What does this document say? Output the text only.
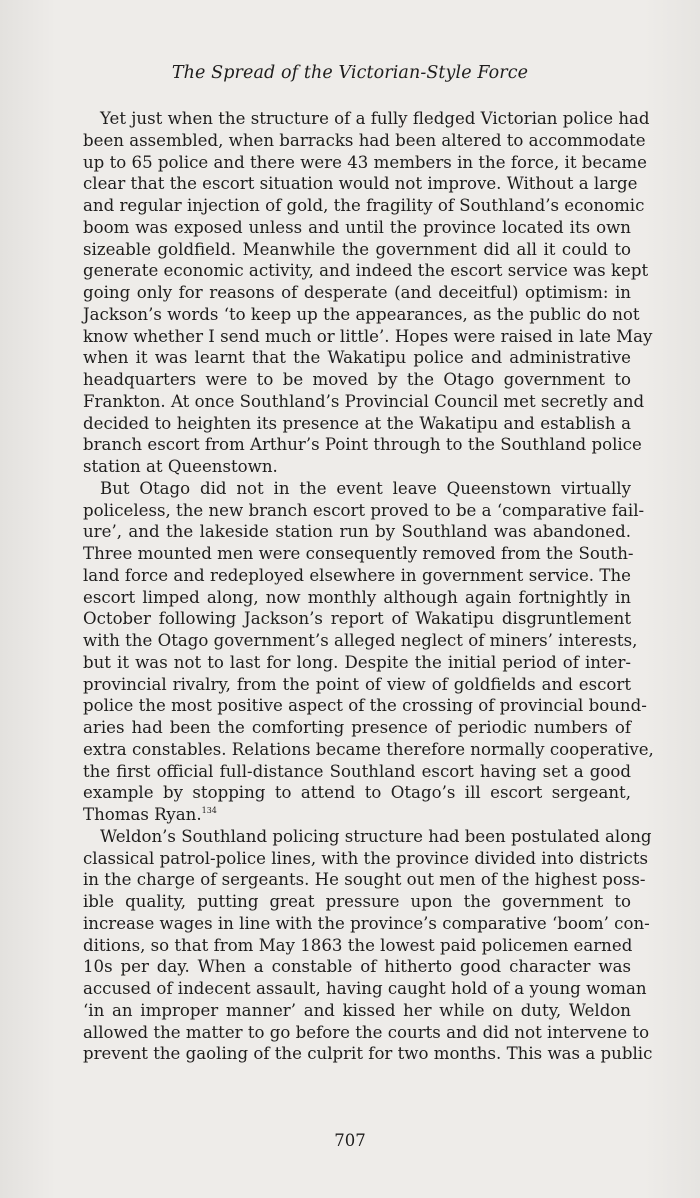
The Spread of the Victorian-Style Force
Yet just when the structure of a fully fledged Victorian police had
been assembled, when barracks had been altered to accommodate
up to 65 police and there were 43 members in the force, it became
clear that the escort situation would not improve. Without a large
and regular injection of gold, the fragility of Southland’s economic
boom was exposed unless and until the province located its own
sizeable goldfield. Meanwhile the government did all it could to
generate economic activity, and indeed the escort service was kept
going only for reasons of desperate (and deceitful) optimism: in
Jackson’s words ‘to keep up the appearances, as the public do not
know whether I send much or little’. Hopes were raised in late May
when it was learnt that the Wakatipu police and administrative
headquarters were to be moved by the Otago government to
Frankton. At once Southland’s Provincial Council met secretly and
decided to heighten its presence at the Wakatipu and establish a
branch escort from Arthur’s Point through to the Southland police
station at Queenstown.
But Otago did not in the event leave Queenstown virtually
policeless, the new branch escort proved to be a ‘comparative fail-
ure’, and the lakeside station run by Southland was abandoned.
Three mounted men were consequently removed from the South-
land force and redeployed elsewhere in government service. The
escort limped along, now monthly although again fortnightly in
October following Jackson’s report of Wakatipu disgruntlement
with the Otago government’s alleged neglect of miners’ interests,
but it was not to last for long. Despite the initial period of inter-
provincial rivalry, from the point of view of goldfields and escort
police the most positive aspect of the crossing of provincial bound-
aries had been the comforting presence of periodic numbers of
extra constables. Relations became therefore normally cooperative,
the first official full-distance Southland escort having set a good
example by stopping to attend to Otago’s ill escort sergeant,
Thomas Ryan.$^{134}$
Weldon’s Southland policing structure had been postulated along
classical patrol-police lines, with the province divided into districts
in the charge of sergeants. He sought out men of the highest poss-
ible quality, putting great pressure upon the government to
increase wages in line with the province’s comparative ‘boom’ con-
ditions, so that from May 1863 the lowest paid policemen earned
10s per day. When a constable of hitherto good character was
accused of indecent assault, having caught hold of a young woman
‘in an improper manner’ and kissed her while on duty, Weldon
allowed the matter to go before the courts and did not intervene to
prevent the gaoling of the culprit for two months. This was a public
707
